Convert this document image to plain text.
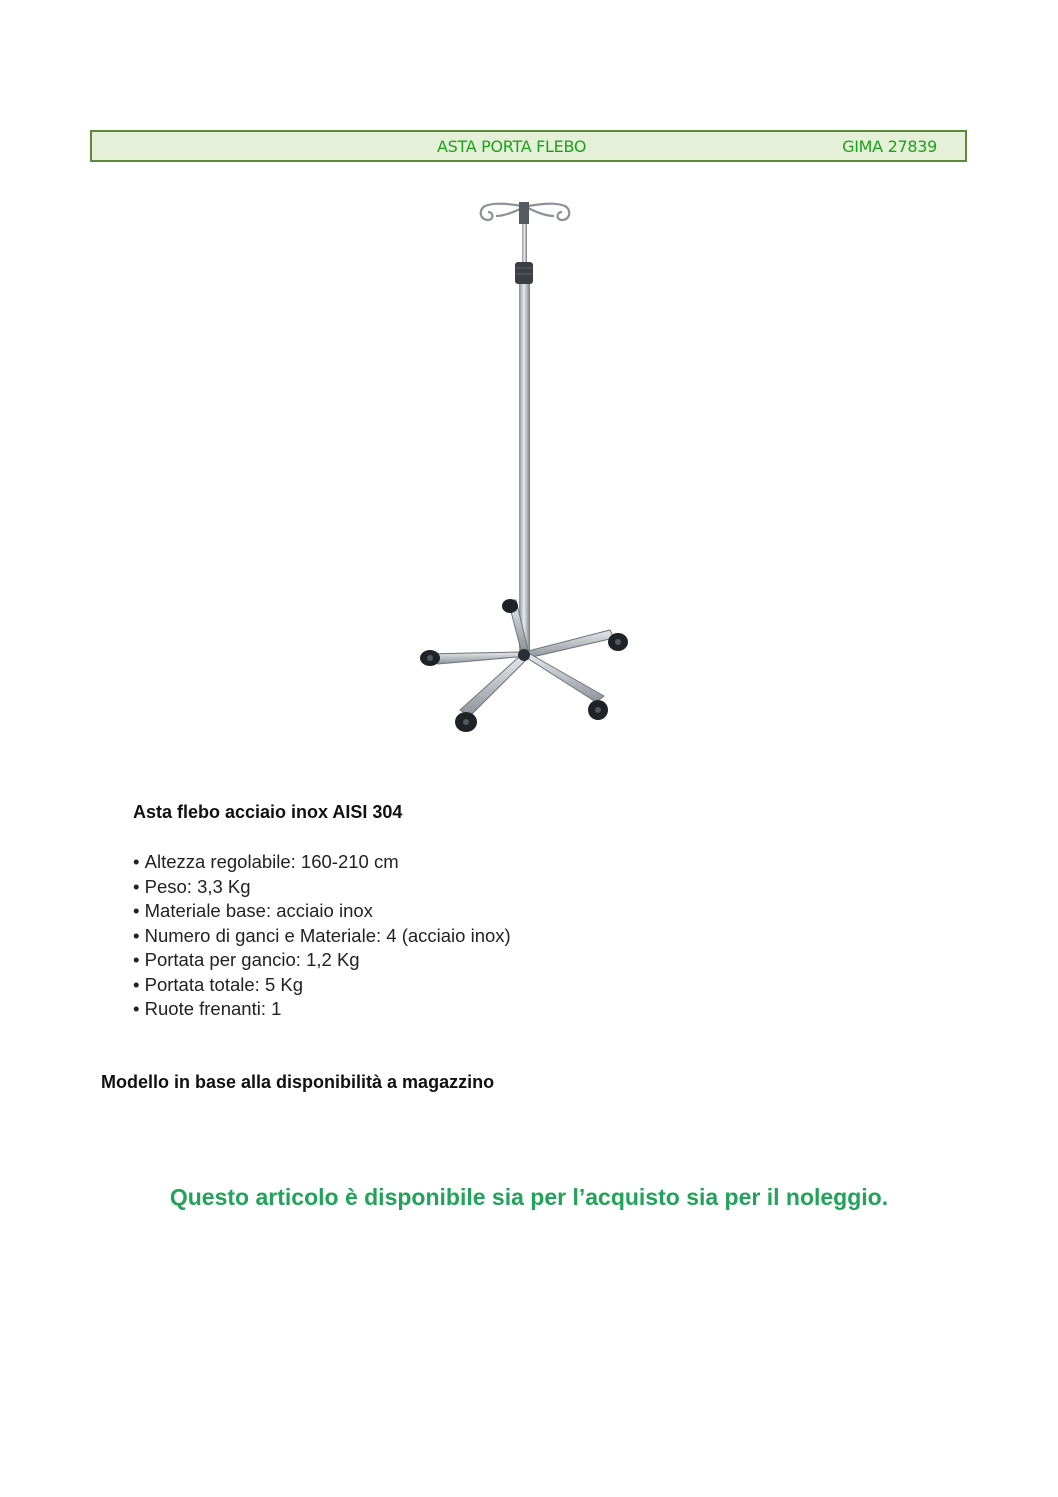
ASTA PORTA FLEBO	GIMA 27839
Asta flebo acciaio inox AISI 304
• Altezza regolabile: 160-210 cm
• Peso: 3,3 Kg
• Materiale base: acciaio inox
• Numero di ganci e Materiale: 4 (acciaio inox)
• Portata per gancio: 1,2 Kg
• Portata totale: 5 Kg
• Ruote frenanti: 1
Modello in base alla disponibilità a magazzino
Questo articolo è disponibile sia per l’acquisto sia per il noleggio.
